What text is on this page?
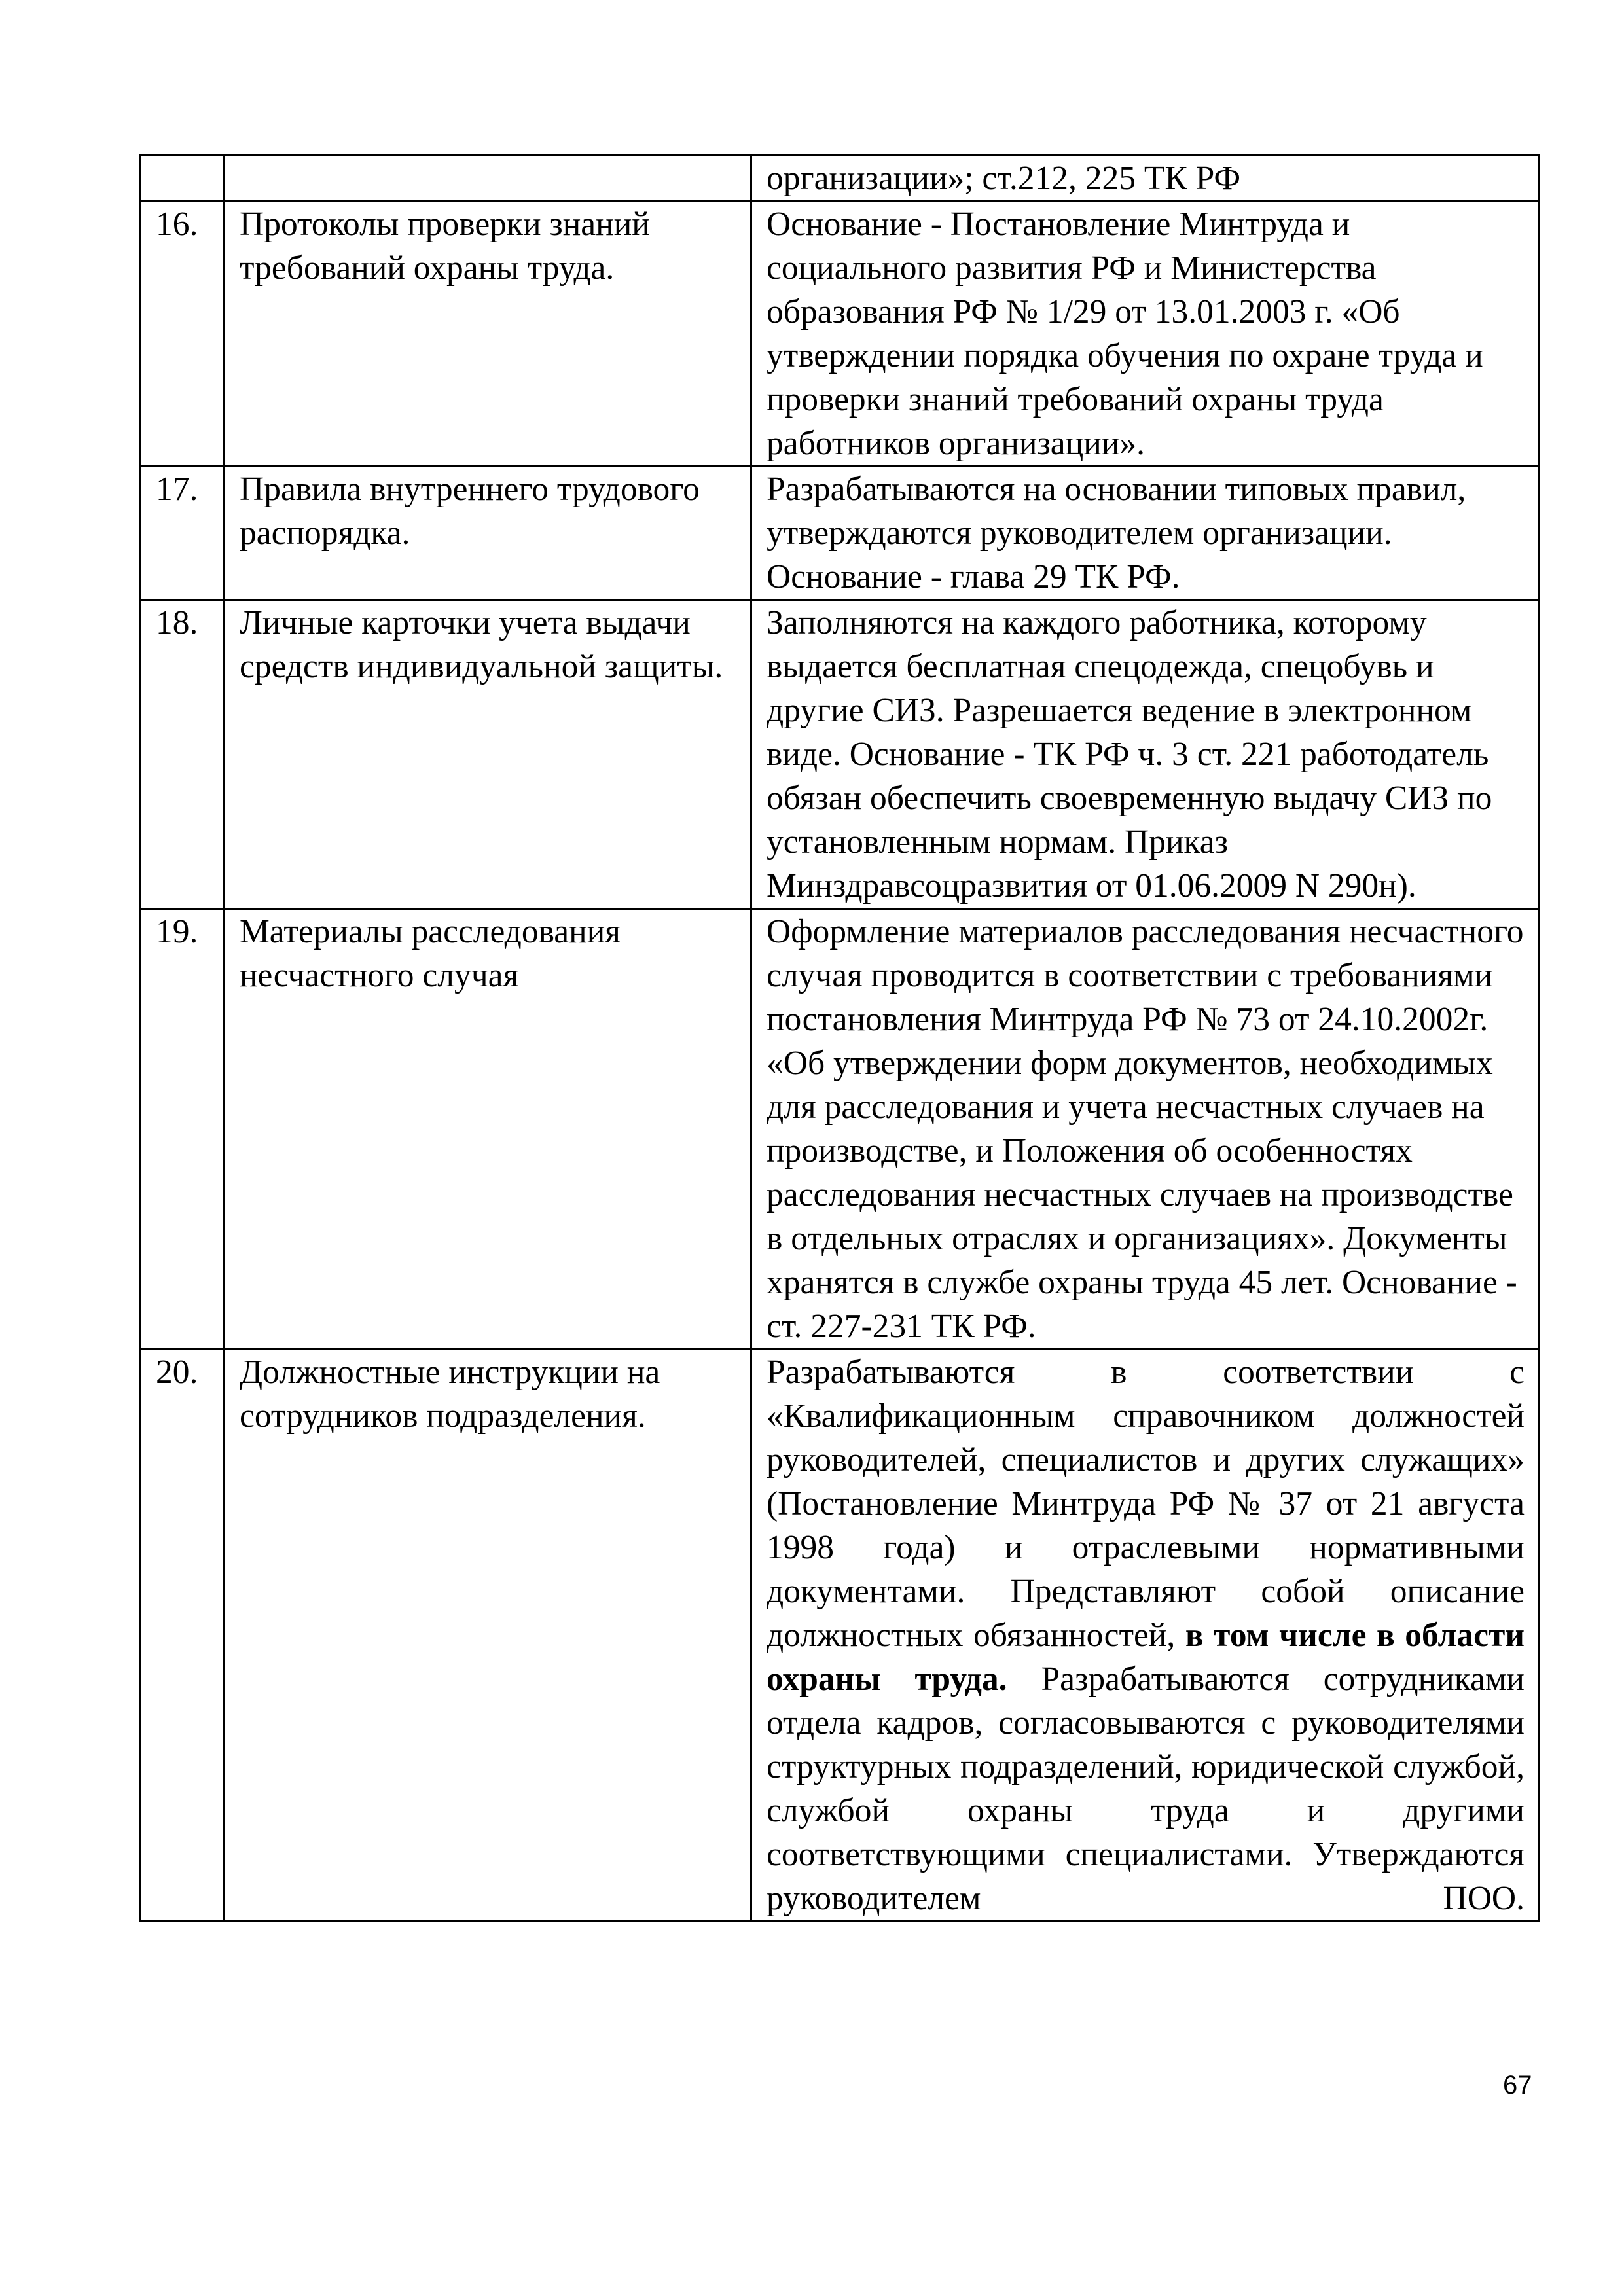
		организации»; ст.212, 225 ТК РФ
16.	Протоколы проверки знаний требований охраны труда.	Основание - Постановление Минтруда и социального развития РФ и Министерства образования РФ № 1/29 от 13.01.2003 г. «Об утверждении порядка обучения по охране труда и проверки знаний требований охраны труда работников организации».
17.	Правила внутреннего трудового распорядка.	Разрабатываются на основании типовых правил, утверждаются руководителем организации. Основание - глава 29 ТК РФ.
18.	Личные карточки учета выдачи средств индивидуальной защиты.	Заполняются на каждого работника, которому выдается бесплатная спецодежда, спецобувь и другие СИЗ. Разрешается ведение в электронном виде. Основание - ТК РФ ч. 3 ст. 221 работодатель обязан обеспечить своевременную выдачу СИЗ по установленным нормам. Приказ Минздравсоцразвития от 01.06.2009 N 290н).
19.	Материалы расследования несчастного случая	Оформление материалов расследования несчастного случая проводится в соответствии с требованиями постановления Минтруда РФ № 73 от 24.10.2002г. «Об утверждении форм документов, необходимых для расследования и учета несчастных случаев на производстве, и Положения об особенностях расследования несчастных случаев на производстве в отдельных отраслях и организациях». Документы хранятся в службе охраны труда 45 лет. Основание - ст. 227-231 ТК РФ.
20.	Должностные инструкции на сотрудников подразделения.	Разрабатываются в соответствии с «Квалификационным справочником должностей руководителей, специалистов и других служащих» (Постановление Минтруда РФ № 37 от 21 августа 1998 года) и отраслевыми нормативными документами. Представляют собой описание должностных обязанностей, в том числе в области охраны труда. Разрабатываются сотрудниками отдела кадров, согласовываются с руководителями структурных подразделений, юридической службой, службой охраны труда и другими соответствующими специалистами. Утверждаются руководителем ПОО.
67
